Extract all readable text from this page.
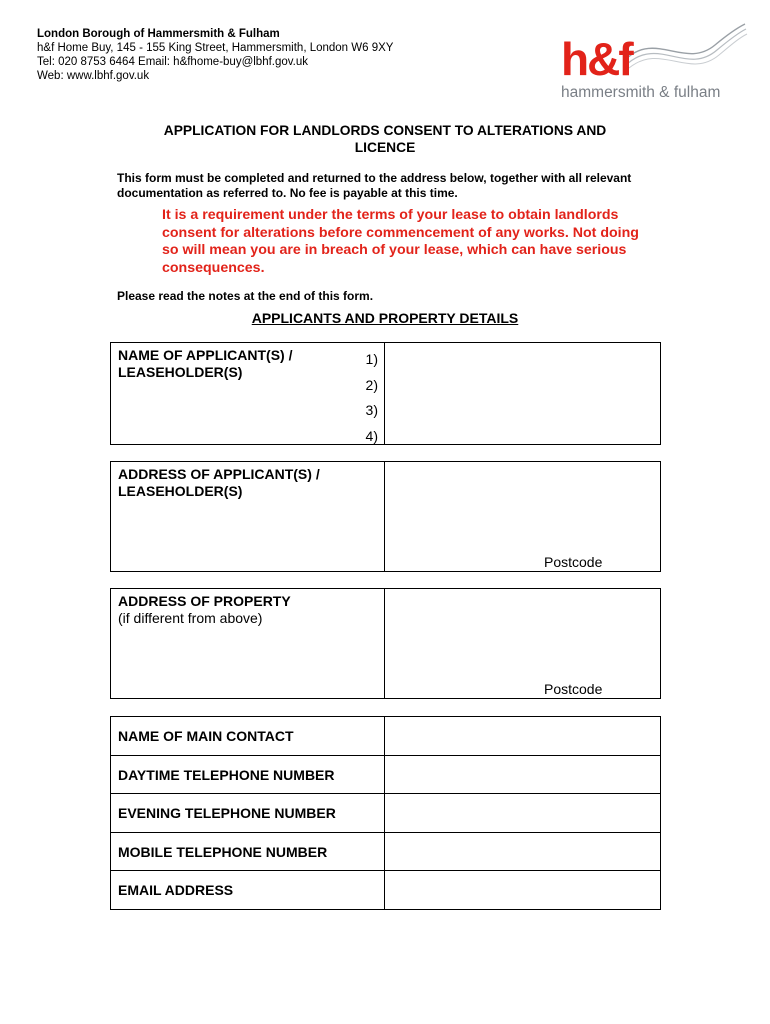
London Borough of Hammersmith & Fulham
h&f Home Buy, 145 - 155 King Street, Hammersmith, London W6 9XY
Tel: 020 8753 6464 Email: h&fhome-buy@lbhf.gov.uk
Web: www.lbhf.gov.uk	h&f
hammersmith & fulham
APPLICATION FOR LANDLORDS CONSENT TO ALTERATIONS AND
LICENCE
This form must be completed and returned to the address below, together with all relevant documentation as referred to. No fee is payable at this time.
It is a requirement under the terms of your lease to obtain landlords consent for alterations before commencement of any works. Not doing so will mean you are in breach of your lease, which can have serious consequences.
Please read the notes at the end of this form.
APPLICANTS AND PROPERTY DETAILS
NAME OF APPLICANT(S) / LEASEHOLDER(S)
1)
2)
3)
4)
ADDRESS OF APPLICANT(S) / LEASEHOLDER(S)
Postcode
ADDRESS OF PROPERTY
(if different from above)
Postcode
NAME OF MAIN CONTACT
DAYTIME TELEPHONE NUMBER
EVENING TELEPHONE NUMBER
MOBILE TELEPHONE NUMBER
EMAIL ADDRESS
